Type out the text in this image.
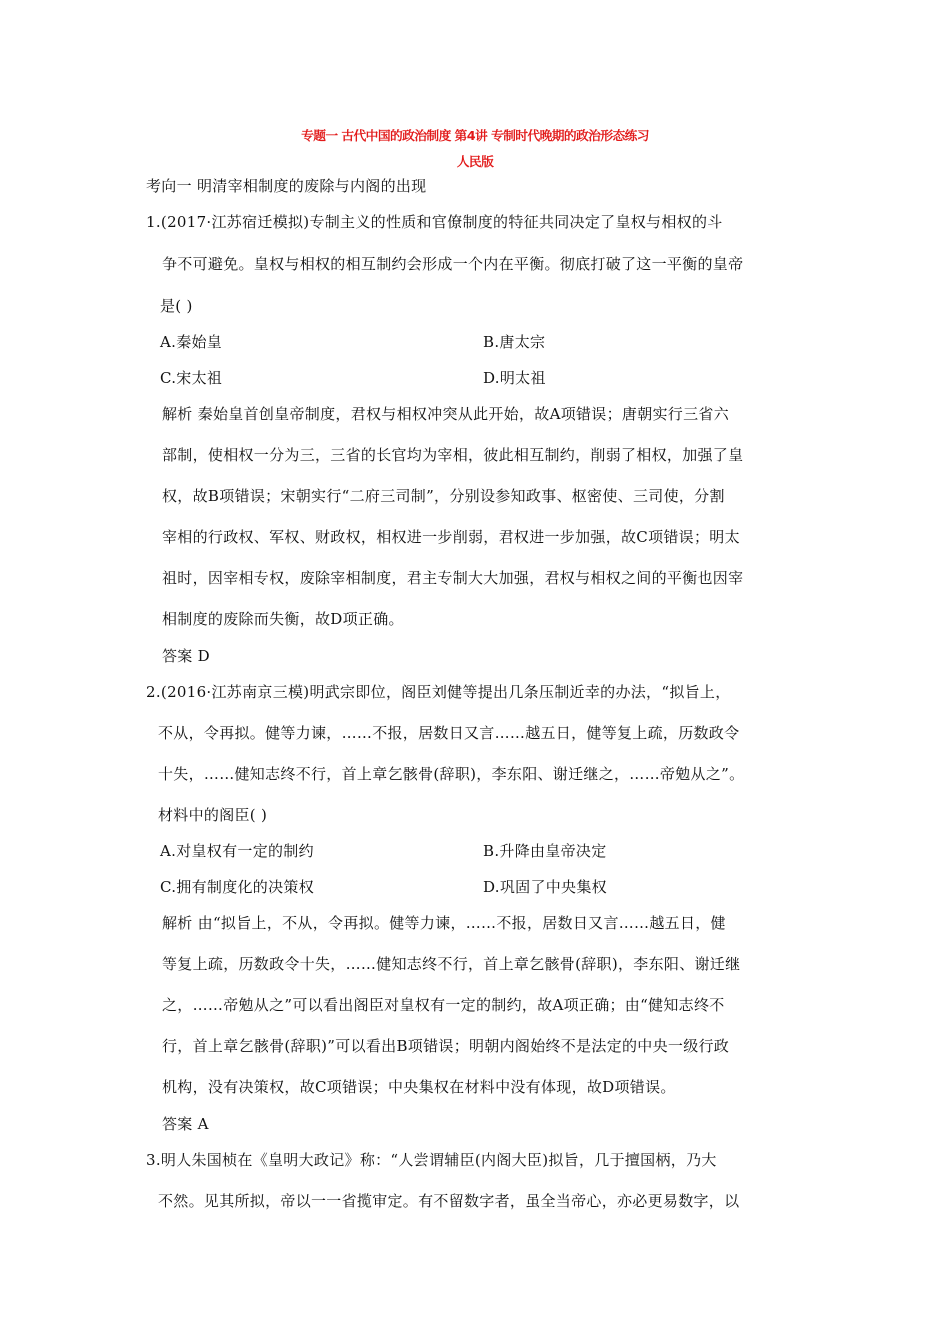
专题一 古代中国的政治制度 第4讲 专制时代晚期的政治形态练习
人民版
考向一 明清宰相制度的废除与内阁的出现
1.(2017·江苏宿迁模拟)专制主义的性质和官僚制度的特征共同决定了皇权与相权的斗
争不可避免。皇权与相权的相互制约会形成一个内在平衡。彻底打破了这一平衡的皇帝
是( )
A.秦始皇	B.唐太宗
C.宋太祖	D.明太祖
解析 秦始皇首创皇帝制度，君权与相权冲突从此开始，故A项错误；唐朝实行三省六
部制，使相权一分为三，三省的长官均为宰相，彼此相互制约，削弱了相权，加强了皇
权，故B项错误；宋朝实行“二府三司制”，分别设参知政事、枢密使、三司使，分割
宰相的行政权、军权、财政权，相权进一步削弱，君权进一步加强，故C项错误；明太
祖时，因宰相专权，废除宰相制度，君主专制大大加强，君权与相权之间的平衡也因宰
相制度的废除而失衡，故D项正确。
答案 D
2.(2016·江苏南京三模)明武宗即位，阁臣刘健等提出几条压制近幸的办法，“拟旨上，
不从，令再拟。健等力谏，……不报，居数日又言……越五日，健等复上疏，历数政令
十失，……健知志终不行，首上章乞骸骨(辞职)，李东阳、谢迁继之，……帝勉从之”。
材料中的阁臣( )
A.对皇权有一定的制约	B.升降由皇帝决定
C.拥有制度化的决策权	D.巩固了中央集权
解析 由“拟旨上，不从，令再拟。健等力谏，……不报，居数日又言……越五日，健
等复上疏，历数政令十失，……健知志终不行，首上章乞骸骨(辞职)，李东阳、谢迁继
之，……帝勉从之”可以看出阁臣对皇权有一定的制约，故A项正确；由“健知志终不
行，首上章乞骸骨(辞职)”可以看出B项错误；明朝内阁始终不是法定的中央一级行政
机构，没有决策权，故C项错误；中央集权在材料中没有体现，故D项错误。
答案 A
3.明人朱国桢在《皇明大政记》称：“人尝谓辅臣(内阁大臣)拟旨，几于擅国柄，乃大
不然。见其所拟，帝以一一省揽审定。有不留数字者，虽全当帝心，亦必更易数字，以
